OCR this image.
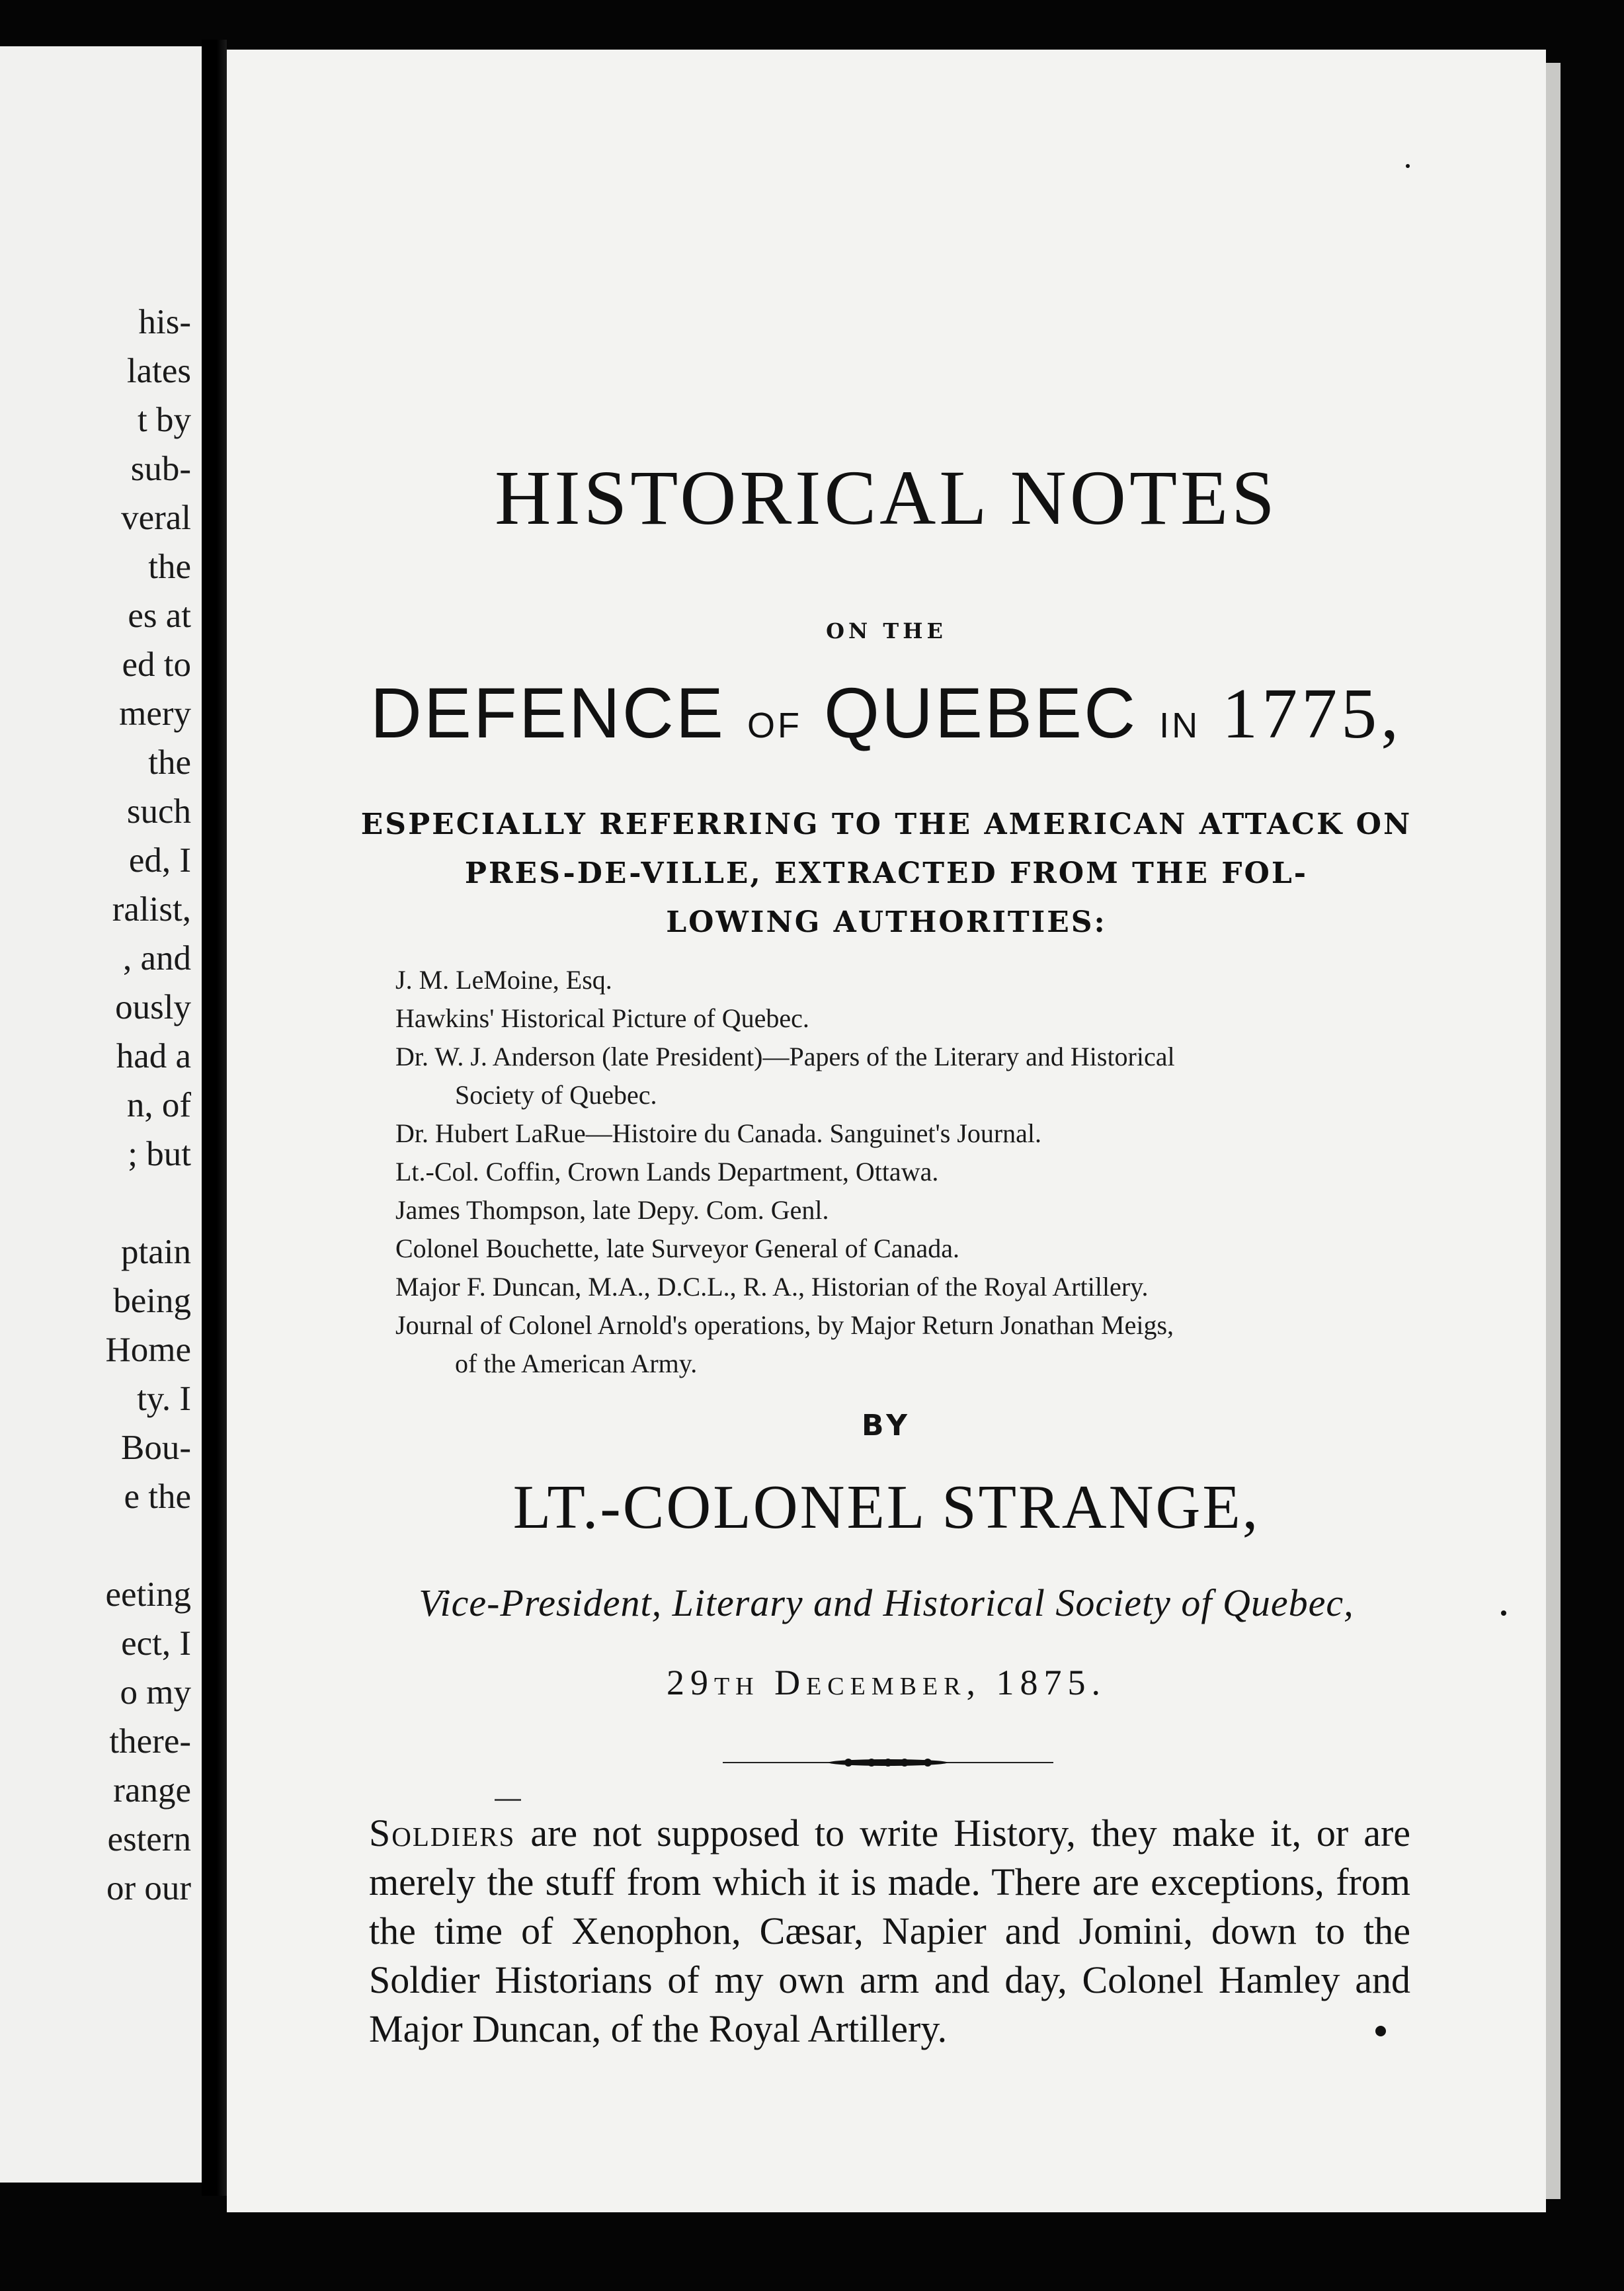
his-
lates
t by
sub-
veral
the
es at
ed to
mery
the
such
ed, I
ralist,
, and
ously
had a
n, of
; but
ptain
being
Home
ty. I
Bou-
e the
eeting
ect, I
o my
there-
range
estern
or our
HISTORICAL NOTES
ON THE
DEFENCE OF QUEBEC IN 1775,
ESPECIALLY REFERRING TO THE AMERICAN ATTACK ON
PRES-DE-VILLE, EXTRACTED FROM THE FOL-
LOWING AUTHORITIES:
J. M. LeMoine, Esq.
Hawkins' Historical Picture of Quebec.
Dr. W. J. Anderson (late President)—Papers of the Literary and Historical
Society of Quebec.
Dr. Hubert LaRue—Histoire du Canada. Sanguinet's Journal.
Lt.-Col. Coffin, Crown Lands Department, Ottawa.
James Thompson, late Depy. Com. Genl.
Colonel Bouchette, late Surveyor General of Canada.
Major F. Duncan, M.A., D.C.L., R. A., Historian of the Royal Artillery.
Journal of Colonel Arnold's operations, by Major Return Jonathan Meigs,
of the American Army.
BY
LT.-COLONEL STRANGE,
Vice-President, Literary and Historical Society of Quebec,
29th December, 1875.
Soldiers are not supposed to write History, they make it, or are merely the stuff from which it is made. There are exceptions, from the time of Xenophon, Cæsar, Napier and Jomini, down to the Soldier Historians of my own arm and day, Colonel Hamley and Major Duncan, of the Royal Artillery.
